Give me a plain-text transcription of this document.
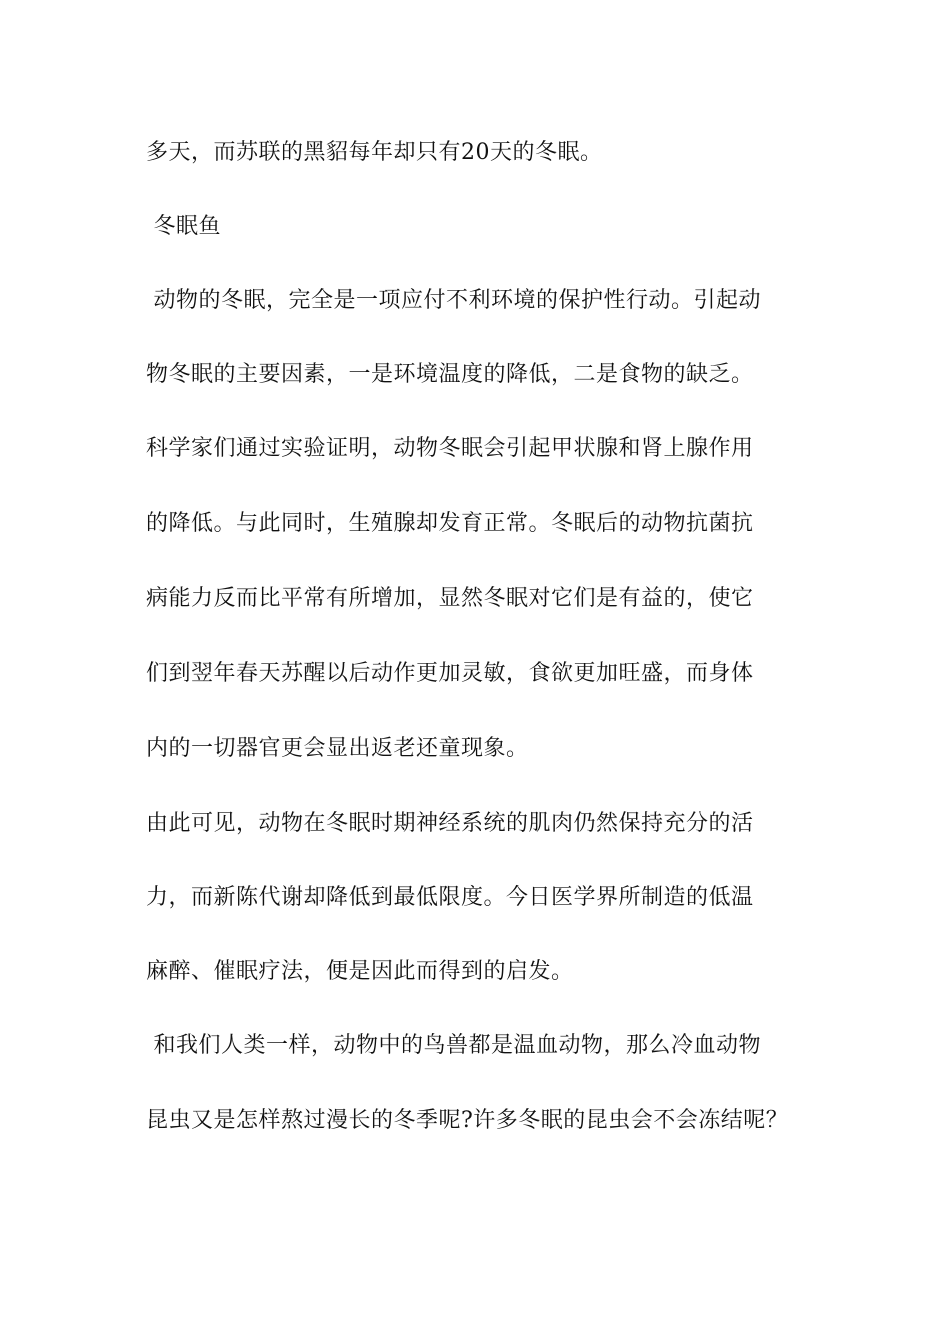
多天，而苏联的黑貂每年却只有20天的冬眠。
冬眠鱼
动物的冬眠，完全是一项应付不利环境的保护性行动。引起动
物冬眠的主要因素，一是环境温度的降低，二是食物的缺乏。
科学家们通过实验证明，动物冬眠会引起甲状腺和肾上腺作用
的降低。与此同时，生殖腺却发育正常。冬眠后的动物抗菌抗
病能力反而比平常有所增加，显然冬眠对它们是有益的，使它
们到翌年春天苏醒以后动作更加灵敏，食欲更加旺盛，而身体
内的一切器官更会显出返老还童现象。
由此可见，动物在冬眠时期神经系统的肌肉仍然保持充分的活
力，而新陈代谢却降低到最低限度。今日医学界所制造的低温
麻醉、催眠疗法，便是因此而得到的启发。
和我们人类一样，动物中的鸟兽都是温血动物，那么冷血动物
昆虫又是怎样熬过漫长的冬季呢?许多冬眠的昆虫会不会冻结呢？
